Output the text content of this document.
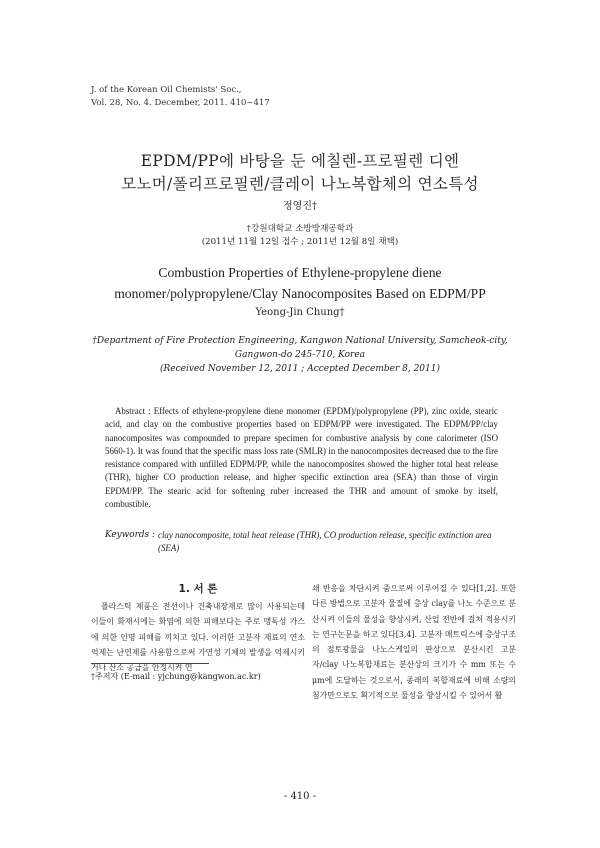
J. of the Korean Oil Chemists' Soc.,
Vol. 28, No. 4. December, 2011. 410~417
EPDM/PP에 바탕을 둔 에칠렌-프로필렌 디엔
모노머/폴리프로필렌/클레이 나노복합체의 연소특성
정영진†
†강원대학교 소방방재공학과
(2011년 11월 12일 접수 ; 2011년 12월 8일 채택)
Combustion Properties of Ethylene-propylene diene
monomer/polypropylene/Clay Nanocomposites Based on EDPM/PP
Yeong-Jin Chung†
†Department of Fire Protection Engineering, Kangwon National University, Samcheok-city,
Gangwon-do 245-710, Korea
(Received November 12, 2011 ; Accepted December 8, 2011)
Abstract : Effects of ethylene-propylene diene monomer (EPDM)/polypropylene (PP), zinc oxide, stearic acid, and clay on the combustive properties based on EDPM/PP were investigated. The EDPM/PP/clay nanocomposites was compounded to prepare specimen for combustive analysis by cone calorimeter (ISO 5660-1). It was found that the specific mass loss rate (SMLR) in the nanocomposites decreased due to the fire resistance compared with unfilled EDPM/PP, while the nanocomposites showed the higher total heat release (THR), higher CO production release, and higher specific extinction area (SEA) than those of virgin EPDM/PP. The stearic acid for softening ruber increased the THR and amount of smoke by itself, combustible.
Keywords : clay nanocomposite, total heat release (THR), CO production release, specific extinction area (SEA)
1. 서 론
플라스틱 제품은 전선이나 건축내장재로 많이 사용되는데 이들이 화재시에는 화염에 의한 피해보다는 주로 맹독성 가스에 의한 인명 피해를 끼치고 있다. 이러한 고분자 재료의 연소억제는 난연제를 사용함으로써 가연성 기체의 발생을 억제시키거나 산소 공급을 안정시켜 연
쇄 반응을 차단시켜 줌으로써 이루어질 수 있다[1,2]. 또한 다른 방법으로 고분자 물질에 층상 clay를 나노 수준으로 분산시켜 이들의 물성을 향상시켜, 산업 전반에 걸쳐 적용시키는 연구논문을 하고 있다[3,4]. 고분자 매트릭스에 층상구조의 점토광물을 나노스케일의 판상으로 분산시킨 고분자/clay 나노복합재료는 분산상의 크기가 수 mm 또는 수 μm에 도달하는 것으로서, 종래의 복합재료에 비해 소량의 첨가만으로도 획기적으로 물성을 향상시킬 수 있어서 활
†주저자 (E-mail : yjchung@kangwon.ac.kr)
- 410 -
